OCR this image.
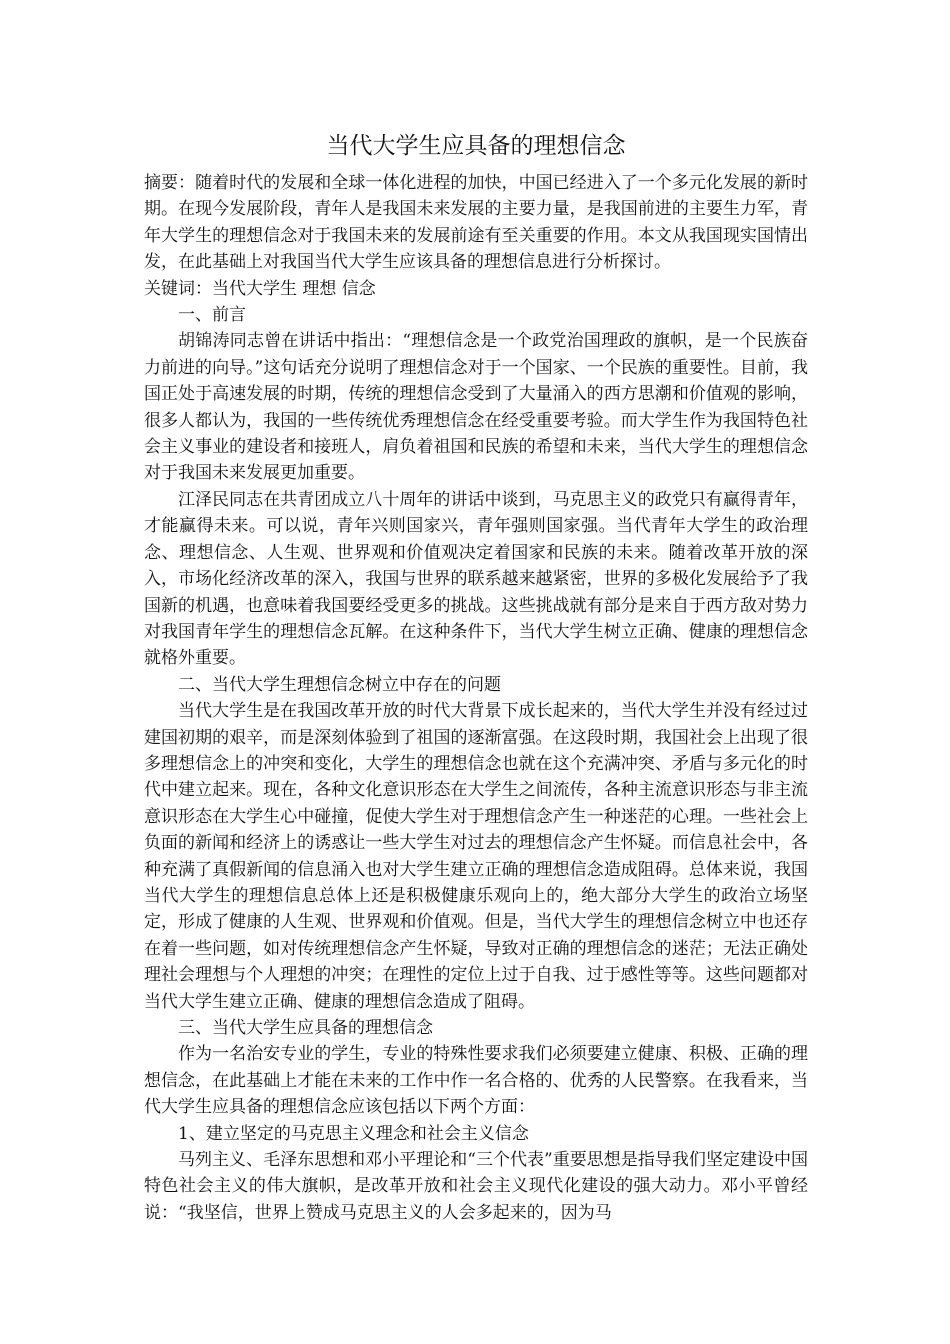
当代大学生应具备的理想信念

摘要：随着时代的发展和全球一体化进程的加快，中国已经进入了一个多元化发展的新时期。在现今发展阶段，青年人是我国未来发展的主要力量，是我国前进的主要生力军，青年大学生的理想信念对于我国未来的发展前途有至关重要的作用。本文从我国现实国情出发，在此基础上对我国当代大学生应该具备的理想信息进行分析探讨。

关键词：当代大学生 理想 信念

一、前言

胡锦涛同志曾在讲话中指出：“理想信念是一个政党治国理政的旗帜，是一个民族奋力前进的向导。”这句话充分说明了理想信念对于一个国家、一个民族的重要性。目前，我国正处于高速发展的时期，传统的理想信念受到了大量涌入的西方思潮和价值观的影响，很多人都认为，我国的一些传统优秀理想信念在经受重要考验。而大学生作为我国特色社会主义事业的建设者和接班人，肩负着祖国和民族的希望和未来，当代大学生的理想信念对于我国未来发展更加重要。

江泽民同志在共青团成立八十周年的讲话中谈到，马克思主义的政党只有赢得青年，才能赢得未来。可以说，青年兴则国家兴，青年强则国家强。当代青年大学生的政治理念、理想信念、人生观、世界观和价值观决定着国家和民族的未来。随着改革开放的深入，市场化经济改革的深入，我国与世界的联系越来越紧密，世界的多极化发展给予了我国新的机遇，也意味着我国要经受更多的挑战。这些挑战就有部分是来自于西方敌对势力对我国青年学生的理想信念瓦解。在这种条件下，当代大学生树立正确、健康的理想信念就格外重要。

二、当代大学生理想信念树立中存在的问题

当代大学生是在我国改革开放的时代大背景下成长起来的，当代大学生并没有经过过建国初期的艰辛，而是深刻体验到了祖国的逐渐富强。在这段时期，我国社会上出现了很多理想信念上的冲突和变化，大学生的理想信念也就在这个充满冲突、矛盾与多元化的时代中建立起来。现在，各种文化意识形态在大学生之间流传，各种主流意识形态与非主流意识形态在大学生心中碰撞，促使大学生对于理想信念产生一种迷茫的心理。一些社会上负面的新闻和经济上的诱惑让一些大学生对过去的理想信念产生怀疑。而信息社会中，各种充满了真假新闻的信息涌入也对大学生建立正确的理想信念造成阻碍。总体来说，我国当代大学生的理想信息总体上还是积极健康乐观向上的，绝大部分大学生的政治立场坚定，形成了健康的人生观、世界观和价值观。但是，当代大学生的理想信念树立中也还存在着一些问题，如对传统理想信念产生怀疑，导致对正确的理想信念的迷茫；无法正确处理社会理想与个人理想的冲突；在理性的定位上过于自我、过于感性等等。这些问题都对当代大学生建立正确、健康的理想信念造成了阻碍。

三、当代大学生应具备的理想信念

作为一名治安专业的学生，专业的特殊性要求我们必须要建立健康、积极、正确的理想信念，在此基础上才能在未来的工作中作一名合格的、优秀的人民警察。在我看来，当代大学生应具备的理想信念应该包括以下两个方面：

1、建立坚定的马克思主义理念和社会主义信念

马列主义、毛泽东思想和邓小平理论和“三个代表”重要思想是指导我们坚定建设中国特色社会主义的伟大旗帜，是改革开放和社会主义现代化建设的强大动力。邓小平曾经说：“我坚信，世界上赞成马克思主义的人会多起来的，因为马
